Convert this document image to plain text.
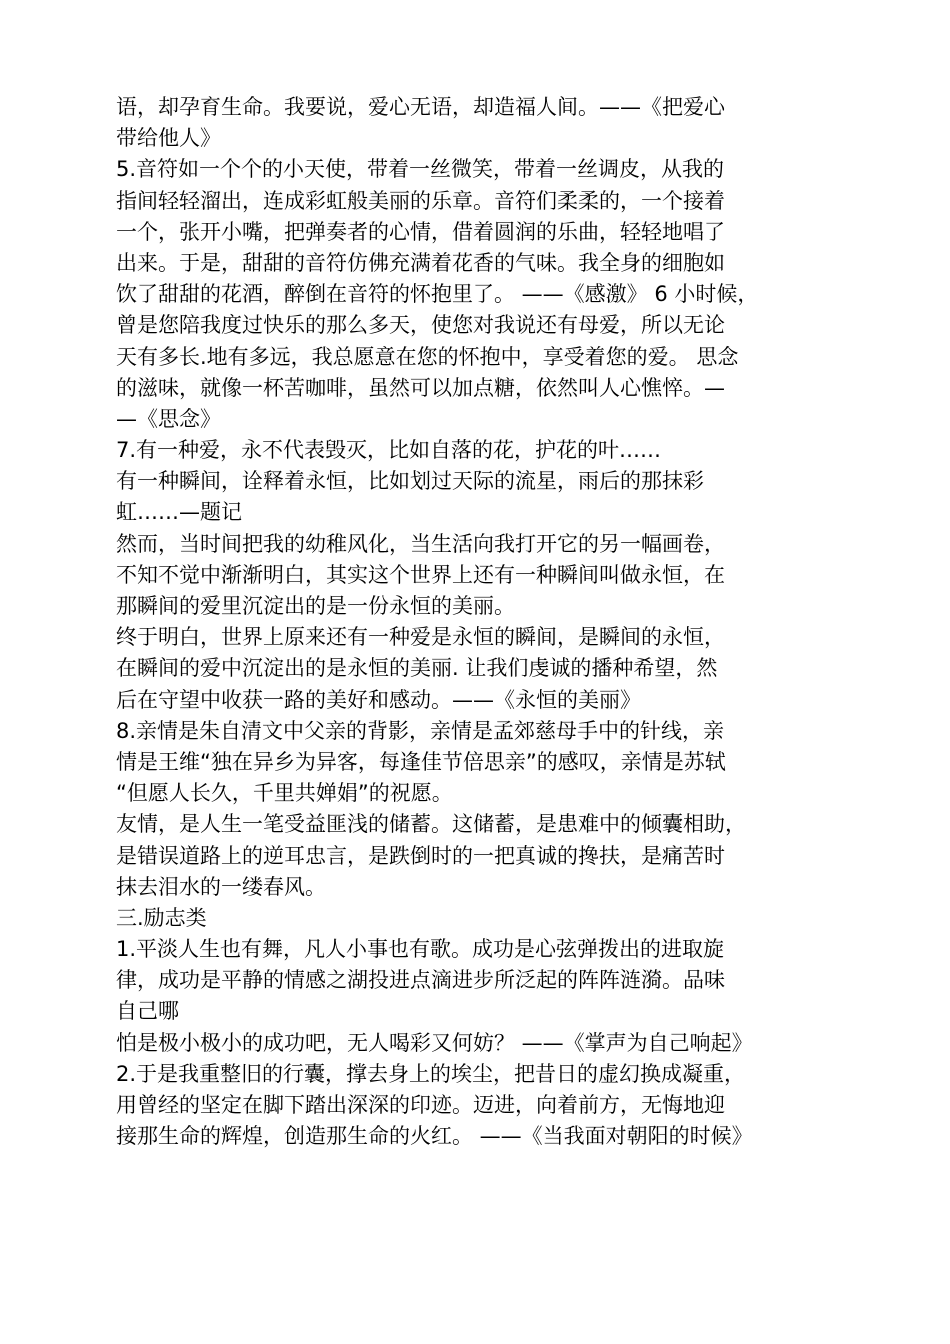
语，却孕育生命。我要说，爱心无语，却造福人间。——《把爱心
带给他人》
5.音符如一个个的小天使，带着一丝微笑，带着一丝调皮，从我的
指间轻轻溜出，连成彩虹般美丽的乐章。音符们柔柔的，一个接着
一个，张开小嘴，把弹奏者的心情，借着圆润的乐曲，轻轻地唱了
出来。于是，甜甜的音符仿佛充满着花香的气味。我全身的细胞如
饮了甜甜的花酒，醉倒在音符的怀抱里了。 ——《感激》 6 小时候，
曾是您陪我度过快乐的那么多天，使您对我说还有母爱，所以无论
天有多长.地有多远，我总愿意在您的怀抱中，享受着您的爱。 思念
的滋味，就像一杯苦咖啡，虽然可以加点糖，依然叫人心憔悴。—
—《思念》
7.有一种爱，永不代表毁灭，比如自落的花，护花的叶……
有一种瞬间，诠释着永恒，比如划过天际的流星，雨后的那抹彩
虹……—题记
然而，当时间把我的幼稚风化，当生活向我打开它的另一幅画卷，
不知不觉中渐渐明白，其实这个世界上还有一种瞬间叫做永恒，在
那瞬间的爱里沉淀出的是一份永恒的美丽。
终于明白，世界上原来还有一种爱是永恒的瞬间，是瞬间的永恒，
在瞬间的爱中沉淀出的是永恒的美丽. 让我们虔诚的播种希望，然
后在守望中收获一路的美好和感动。——《永恒的美丽》
8.亲情是朱自清文中父亲的背影，亲情是孟郊慈母手中的针线，亲
情是王维“独在异乡为异客，每逢佳节倍思亲”的感叹，亲情是苏轼
“但愿人长久，千里共婵娟”的祝愿。
友情，是人生一笔受益匪浅的储蓄。这储蓄，是患难中的倾囊相助，
是错误道路上的逆耳忠言，是跌倒时的一把真诚的搀扶，是痛苦时
抹去泪水的一缕春风。
三.励志类
1.平淡人生也有舞，凡人小事也有歌。成功是心弦弹拨出的进取旋
律，成功是平静的情感之湖投进点滴进步所泛起的阵阵涟漪。品味
自己哪
怕是极小极小的成功吧，无人喝彩又何妨？ ——《掌声为自己响起》
2.于是我重整旧的行囊，撑去身上的埃尘，把昔日的虚幻换成凝重，
用曾经的坚定在脚下踏出深深的印迹。迈进，向着前方，无悔地迎
接那生命的辉煌，创造那生命的火红。 ——《当我面对朝阳的时候》
